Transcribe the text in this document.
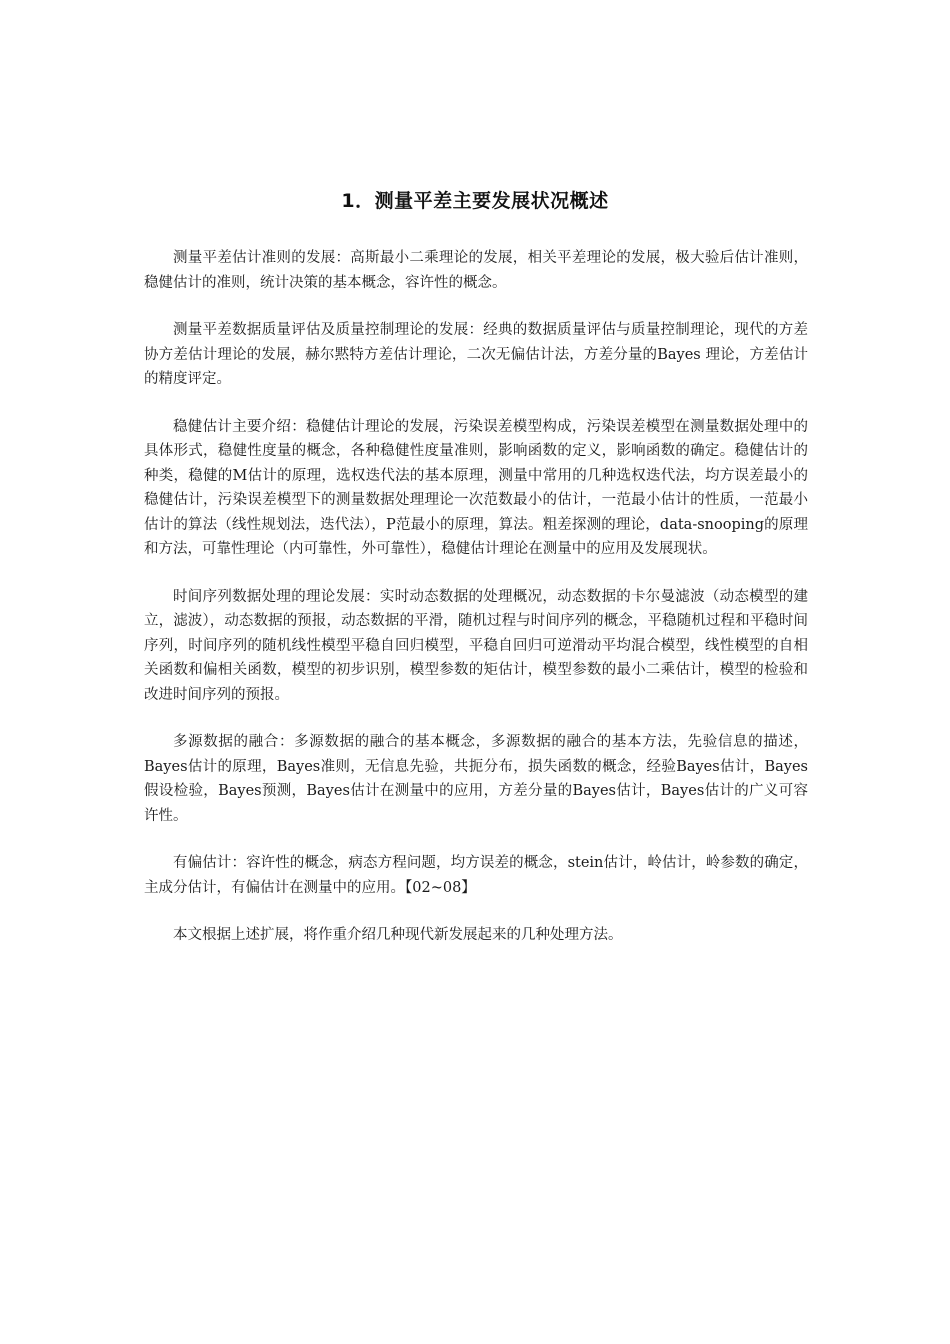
1．测量平差主要发展状况概述

测量平差估计准则的发展：高斯最小二乘理论的发展，相关平差理论的发展，极大验后估计准则，稳健估计的准则，统计决策的基本概念，容许性的概念。

测量平差数据质量评估及质量控制理论的发展：经典的数据质量评估与质量控制理论，现代的方差协方差估计理论的发展，赫尔黙特方差估计理论，二次无偏估计法，方差分量的Bayes 理论，方差估计的精度评定。

稳健估计主要介绍：稳健估计理论的发展，污染误差模型构成，污染误差模型在测量数据处理中的具体形式，稳健性度量的概念，各种稳健性度量准则，影响函数的定义，影响函数的确定。稳健估计的种类，稳健的M估计的原理，选权迭代法的基本原理，测量中常用的几种选权迭代法，均方误差最小的稳健估计，污染误差模型下的测量数据处理理论一次范数最小的估计，一范最小估计的性质，一范最小估计的算法（线性规划法，迭代法），P范最小的原理，算法。粗差探测的理论，data-snooping的原理和方法，可靠性理论（内可靠性，外可靠性），稳健估计理论在测量中的应用及发展现状。

时间序列数据处理的理论发展：实时动态数据的处理概况，动态数据的卡尔曼滤波（动态模型的建立，滤波），动态数据的预报，动态数据的平滑，随机过程与时间序列的概念，平稳随机过程和平稳时间序列，时间序列的随机线性模型平稳自回归模型，平稳自回归可逆滑动平均混合模型，线性模型的自相关函数和偏相关函数，模型的初步识别，模型参数的矩估计，模型参数的最小二乘估计，模型的检验和改进时间序列的预报。

多源数据的融合：多源数据的融合的基本概念，多源数据的融合的基本方法，先验信息的描述，Bayes估计的原理，Bayes准则，无信息先验，共扼分布，损失函数的概念，经验Bayes估计，Bayes假设检验，Bayes预测，Bayes估计在测量中的应用，方差分量的Bayes估计，Bayes估计的广义可容许性。

有偏估计：容许性的概念，病态方程问题，均方误差的概念，stein估计，岭估计，岭参数的确定，主成分估计，有偏估计在测量中的应用。【02~08】

本文根据上述扩展，将作重介绍几种现代新发展起来的几种处理方法。
